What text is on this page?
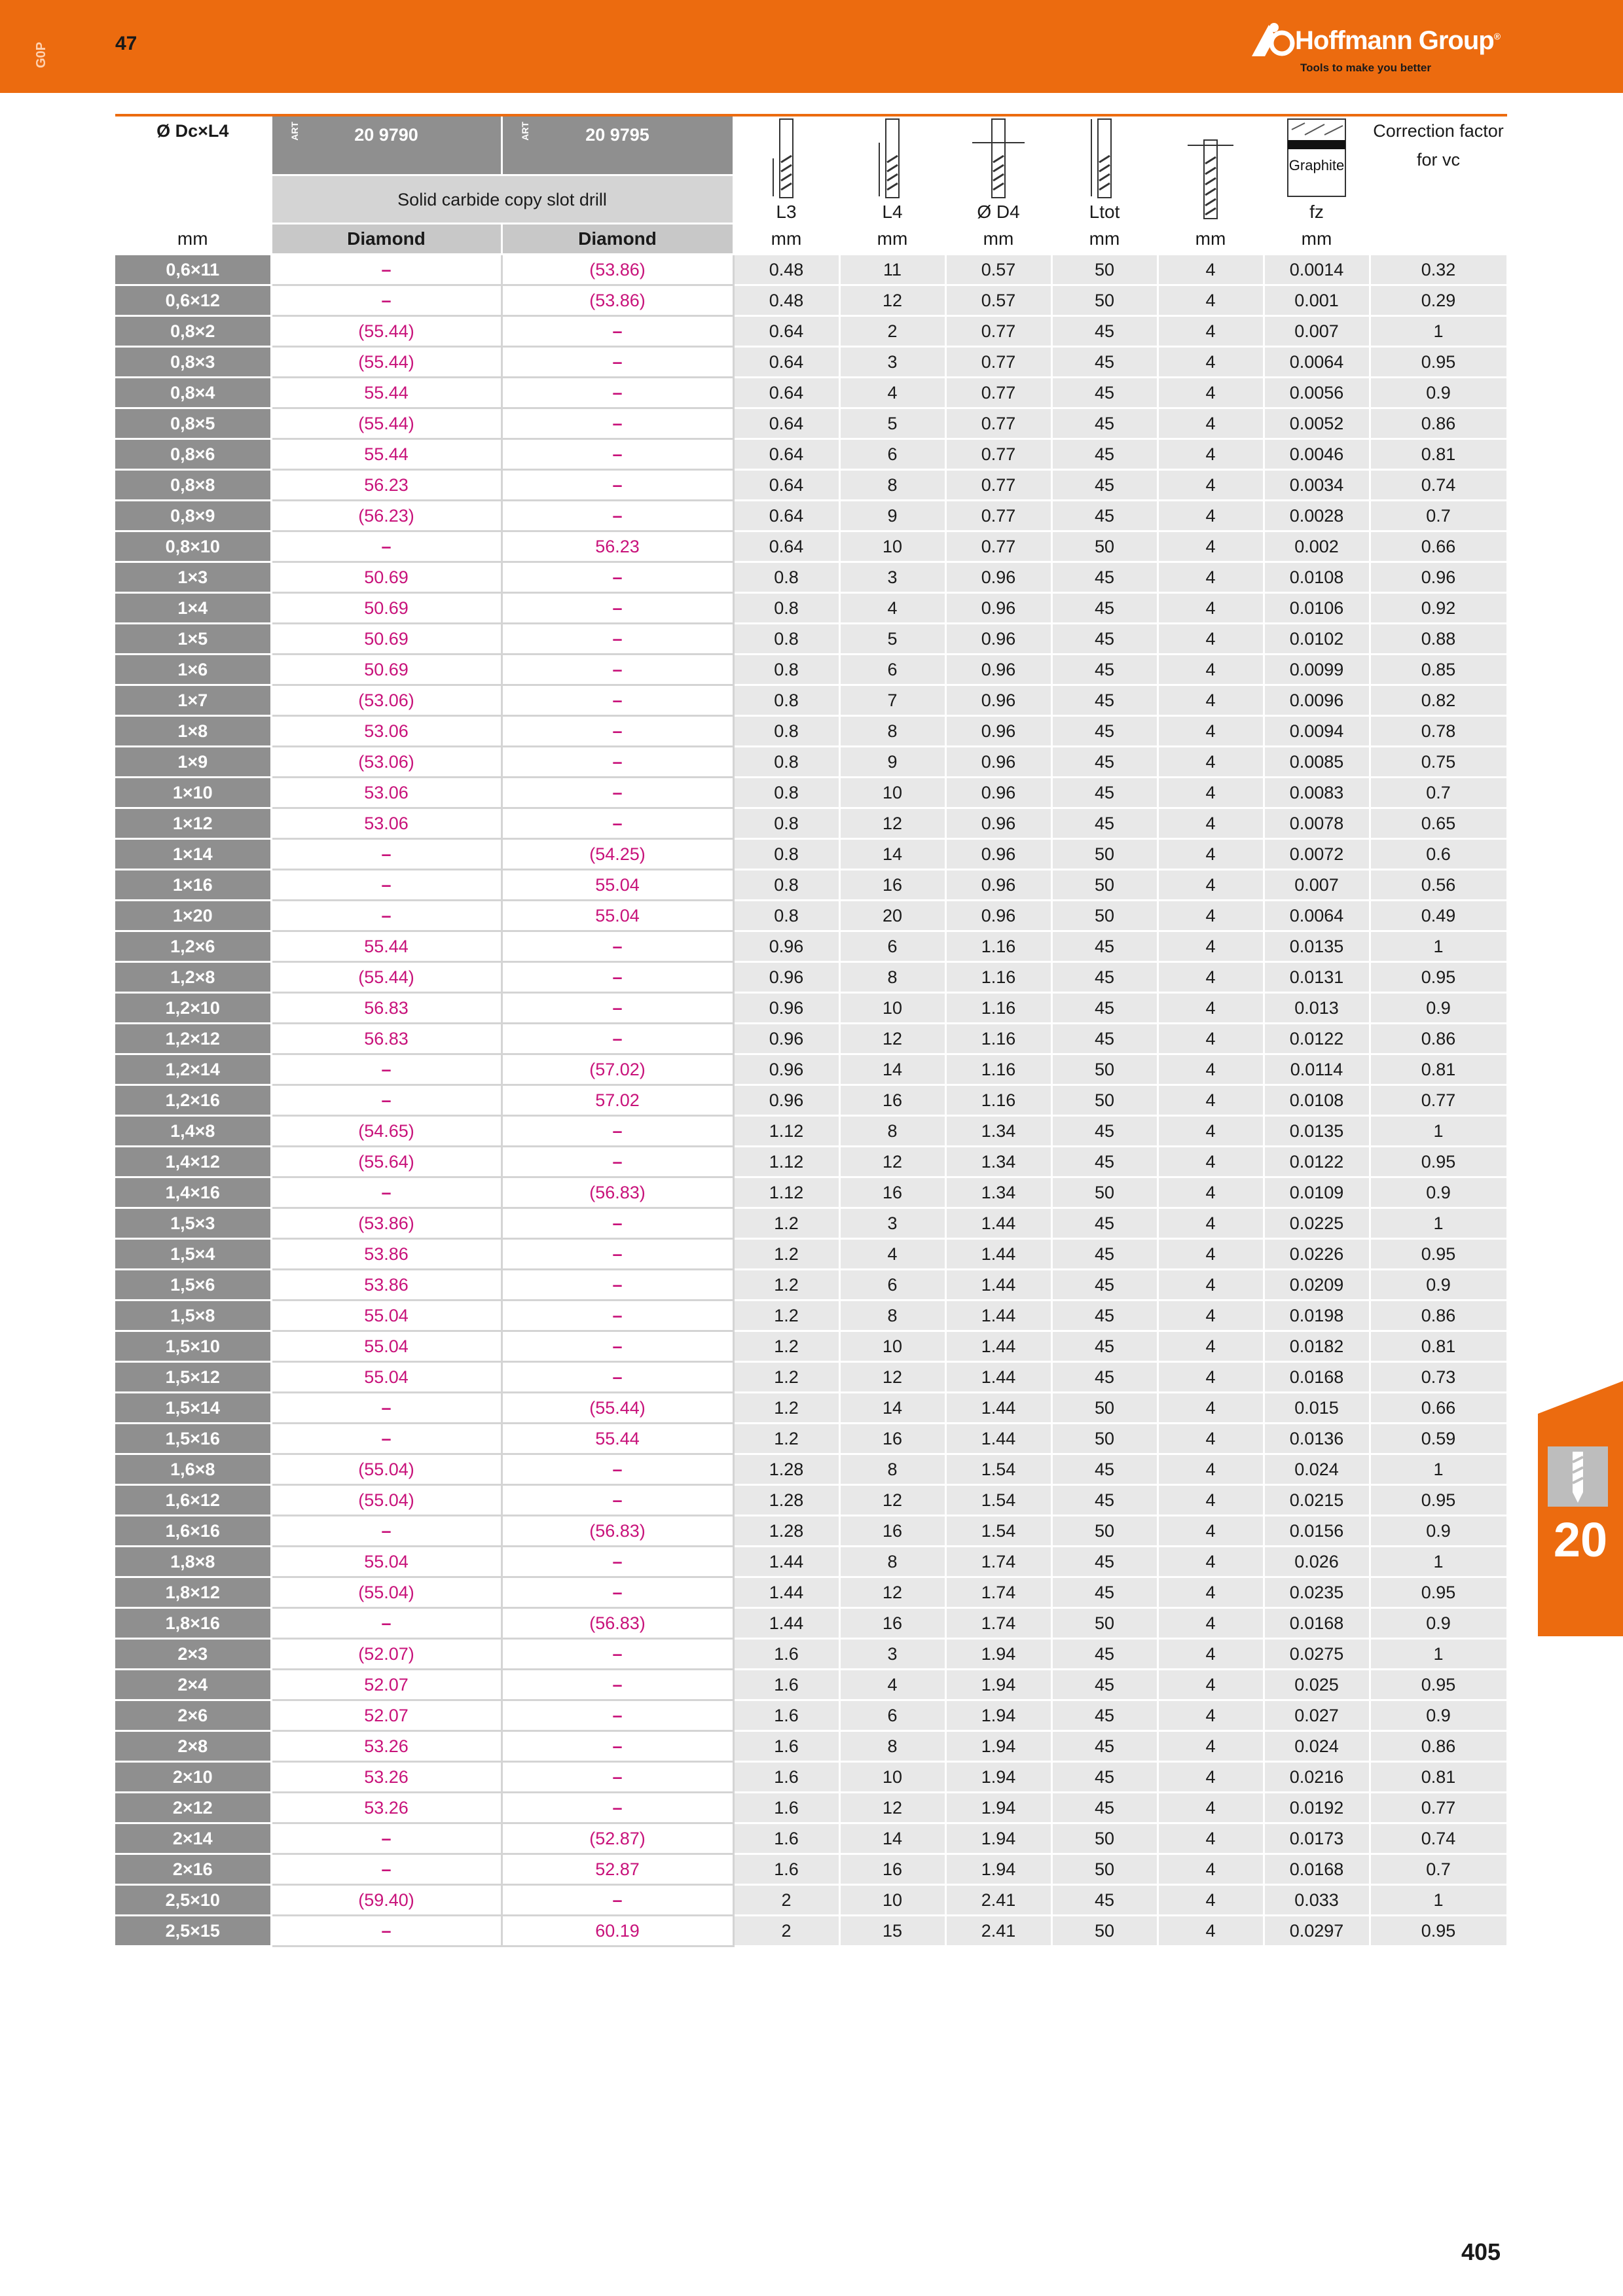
G0P	47	Hoffmann Group®
Tools to make you better
Ø Dc×L4	ART 20 9790	ART 20 9795	L3	L4	Ø D4	Ltot		Graphite
fz	Correction factor for vc
	Solid carbide copy slot drill								
mm	Diamond	Diamond	mm	mm	mm	mm	mm	mm	
0,6×11	–	(53.86)	0.48	11	0.57	50	4	0.0014	0.32
0,6×12	–	(53.86)	0.48	12	0.57	50	4	0.001	0.29
0,8×2	(55.44)	–	0.64	2	0.77	45	4	0.007	1
0,8×3	(55.44)	–	0.64	3	0.77	45	4	0.0064	0.95
0,8×4	55.44	–	0.64	4	0.77	45	4	0.0056	0.9
0,8×5	(55.44)	–	0.64	5	0.77	45	4	0.0052	0.86
0,8×6	55.44	–	0.64	6	0.77	45	4	0.0046	0.81
0,8×8	56.23	–	0.64	8	0.77	45	4	0.0034	0.74
0,8×9	(56.23)	–	0.64	9	0.77	45	4	0.0028	0.7
0,8×10	–	56.23	0.64	10	0.77	50	4	0.002	0.66
1×3	50.69	–	0.8	3	0.96	45	4	0.0108	0.96
1×4	50.69	–	0.8	4	0.96	45	4	0.0106	0.92
1×5	50.69	–	0.8	5	0.96	45	4	0.0102	0.88
1×6	50.69	–	0.8	6	0.96	45	4	0.0099	0.85
1×7	(53.06)	–	0.8	7	0.96	45	4	0.0096	0.82
1×8	53.06	–	0.8	8	0.96	45	4	0.0094	0.78
1×9	(53.06)	–	0.8	9	0.96	45	4	0.0085	0.75
1×10	53.06	–	0.8	10	0.96	45	4	0.0083	0.7
1×12	53.06	–	0.8	12	0.96	45	4	0.0078	0.65
1×14	–	(54.25)	0.8	14	0.96	50	4	0.0072	0.6
1×16	–	55.04	0.8	16	0.96	50	4	0.007	0.56
1×20	–	55.04	0.8	20	0.96	50	4	0.0064	0.49
1,2×6	55.44	–	0.96	6	1.16	45	4	0.0135	1
1,2×8	(55.44)	–	0.96	8	1.16	45	4	0.0131	0.95
1,2×10	56.83	–	0.96	10	1.16	45	4	0.013	0.9
1,2×12	56.83	–	0.96	12	1.16	45	4	0.0122	0.86
1,2×14	–	(57.02)	0.96	14	1.16	50	4	0.0114	0.81
1,2×16	–	57.02	0.96	16	1.16	50	4	0.0108	0.77
1,4×8	(54.65)	–	1.12	8	1.34	45	4	0.0135	1
1,4×12	(55.64)	–	1.12	12	1.34	45	4	0.0122	0.95
1,4×16	–	(56.83)	1.12	16	1.34	50	4	0.0109	0.9
1,5×3	(53.86)	–	1.2	3	1.44	45	4	0.0225	1
1,5×4	53.86	–	1.2	4	1.44	45	4	0.0226	0.95
1,5×6	53.86	–	1.2	6	1.44	45	4	0.0209	0.9
1,5×8	55.04	–	1.2	8	1.44	45	4	0.0198	0.86
1,5×10	55.04	–	1.2	10	1.44	45	4	0.0182	0.81
1,5×12	55.04	–	1.2	12	1.44	45	4	0.0168	0.73
1,5×14	–	(55.44)	1.2	14	1.44	50	4	0.015	0.66
1,5×16	–	55.44	1.2	16	1.44	50	4	0.0136	0.59
1,6×8	(55.04)	–	1.28	8	1.54	45	4	0.024	1
1,6×12	(55.04)	–	1.28	12	1.54	45	4	0.0215	0.95
1,6×16	–	(56.83)	1.28	16	1.54	50	4	0.0156	0.9
1,8×8	55.04	–	1.44	8	1.74	45	4	0.026	1
1,8×12	(55.04)	–	1.44	12	1.74	45	4	0.0235	0.95
1,8×16	–	(56.83)	1.44	16	1.74	50	4	0.0168	0.9
2×3	(52.07)	–	1.6	3	1.94	45	4	0.0275	1
2×4	52.07	–	1.6	4	1.94	45	4	0.025	0.95
2×6	52.07	–	1.6	6	1.94	45	4	0.027	0.9
2×8	53.26	–	1.6	8	1.94	45	4	0.024	0.86
2×10	53.26	–	1.6	10	1.94	45	4	0.0216	0.81
2×12	53.26	–	1.6	12	1.94	45	4	0.0192	0.77
2×14	–	(52.87)	1.6	14	1.94	50	4	0.0173	0.74
2×16	–	52.87	1.6	16	1.94	50	4	0.0168	0.7
2,5×10	(59.40)	–	2	10	2.41	45	4	0.033	1
2,5×15	–	60.19	2	15	2.41	50	4	0.0297	0.95
20
405
